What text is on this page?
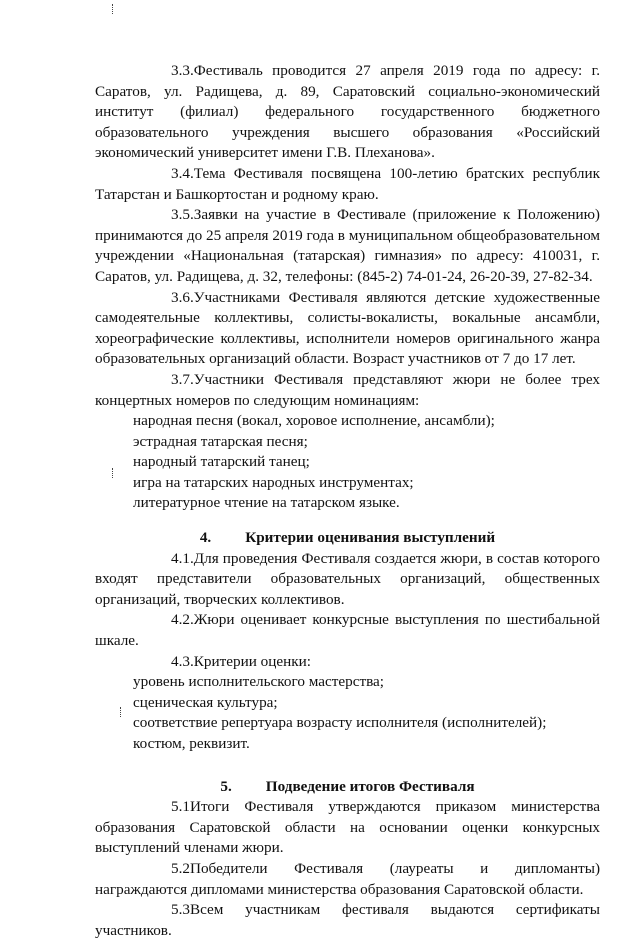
3.3.Фестиваль проводится 27 апреля 2019 года по адресу: г. Саратов, ул. Радищева, д. 89, Саратовский социально-экономический институт (филиал) федерального государственного бюджетного образовательного учреждения высшего образования «Российский экономический университет имени Г.В. Плеханова».

3.4.Тема Фестиваля посвящена 100-летию братских республик Татарстан и Башкортостан и родному краю.

3.5.Заявки на участие в Фестивале (приложение к Положению) принимаются до 25 апреля 2019 года в муниципальном общеобразовательном учреждении «Национальная (татарская) гимназия» по адресу: 410031, г. Саратов, ул. Радищева, д. 32, телефоны: (845-2) 74-01-24, 26-20-39, 27-82-34.

3.6.Участниками Фестиваля являются детские художественные самодеятельные коллективы, солисты-вокалисты, вокальные ансамбли, хореографические коллективы, исполнители номеров оригинального жанра образовательных организаций области. Возраст участников от 7 до 17 лет.

3.7.Участники Фестиваля представляют жюри не более трех концертных номеров по следующим номинациям:

народная песня (вокал, хоровое исполнение, ансамбли);

эстрадная татарская песня;

народный татарский танец;

игра на татарских народных инструментах;

литературное чтение на татарском языке.

4. Критерии оценивания выступлений

4.1.Для проведения Фестиваля создается жюри, в состав которого входят представители образовательных организаций, общественных организаций, творческих коллективов.

4.2.Жюри оценивает конкурсные выступления по шестибальной шкале.

4.3.Критерии оценки:

уровень исполнительского мастерства;

сценическая культура;

соответствие репертуара возрасту исполнителя (исполнителей);

костюм, реквизит.

5. Подведение итогов Фестиваля

5.1Итоги Фестиваля утверждаются приказом министерства образования Саратовской области на основании оценки конкурсных выступлений членами жюри.

5.2Победители Фестиваля (лауреаты и дипломанты) награждаются дипломами министерства образования Саратовской области.

5.3Всем участникам фестиваля выдаются сертификаты участников.
